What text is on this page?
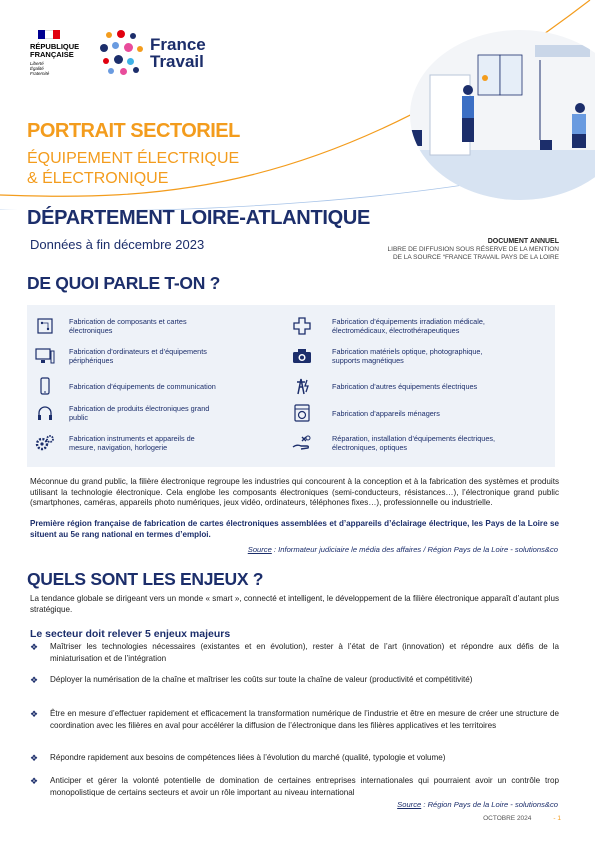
RÉPUBLIQUE
FRANÇAISE
Liberté
Égalité
Fraternité
France
Travail
PORTRAIT SECTORIEL
ÉQUIPEMENT ÉLECTRIQUE
& ÉLECTRONIQUE
DÉPARTEMENT LOIRE-ATLANTIQUE
Données à fin décembre 2023	DOCUMENT ANNUEL
LIBRE DE DIFFUSION SOUS RÉSERVE DE LA MENTION
DE LA SOURCE “FRANCE TRAVAIL PAYS DE LA LOIRE
DE QUOI PARLE T-ON ?
Fabrication de composants et cartes
électroniques
Fabrication d’ordinateurs et d’équipements
périphériques
Fabrication d’équipements de communication
Fabrication de produits électroniques grand
public
Fabrication instruments et appareils de
mesure, navigation, horlogerie
Fabrication d’équipements irradiation médicale,
électromédicaux, électrothérapeutiques
Fabrication matériels optique, photographique,
supports magnétiques
Fabrication d’autres équipements électriques
Fabrication d’appareils ménagers
Réparation, installation d’équipements électriques,
électroniques, optiques
Méconnue du grand public, la filière électronique regroupe les industries qui concourent à la conception et à la fabrication des systèmes et produits utilisant la technologie électronique. Cela englobe les composants électroniques (semi-conducteurs, résistances…), l’électronique grand public (smartphones, caméras, appareils photo numériques, jeux vidéo, ordinateurs, téléphones fixes…), professionnelle ou industrielle.
Première région française de fabrication de cartes électroniques assemblées et d’appareils d’éclairage électrique, les Pays de la Loire se situent au 5e rang national en termes d’emploi.
Source : Informateur judiciaire le média des affaires / Région Pays de la Loire - solutions&co
QUELS SONT LES ENJEUX ?
La tendance globale se dirigeant vers un monde « smart », connecté et intelligent, le développement de la filière électronique apparaît d’autant plus stratégique.
Le secteur doit relever 5 enjeux majeurs
❖	Maîtriser les technologies nécessaires (existantes et en évolution), rester à l’état de l’art (innovation) et répondre aux défis de la miniaturisation et de l’intégration
❖	Déployer la numérisation de la chaîne et maîtriser les coûts sur toute la chaîne de valeur (productivité et compétitivité)
❖	Être en mesure d’effectuer rapidement et efficacement la transformation numérique de l’industrie et être en mesure de créer une structure de coordination avec les filières en aval pour accélérer la diffusion de l’électronique dans les filières applicatives et les territoires
❖	Répondre rapidement aux besoins de compétences liées à l’évolution du marché (qualité, typologie et volume)
❖	Anticiper et gérer la volonté potentielle de domination de certaines entreprises internationales qui pourraient avoir un contrôle trop monopolistique de certains secteurs et avoir un rôle important au niveau international
Source : Région Pays de la Loire - solutions&co
OCTOBRE 2024	- 1
